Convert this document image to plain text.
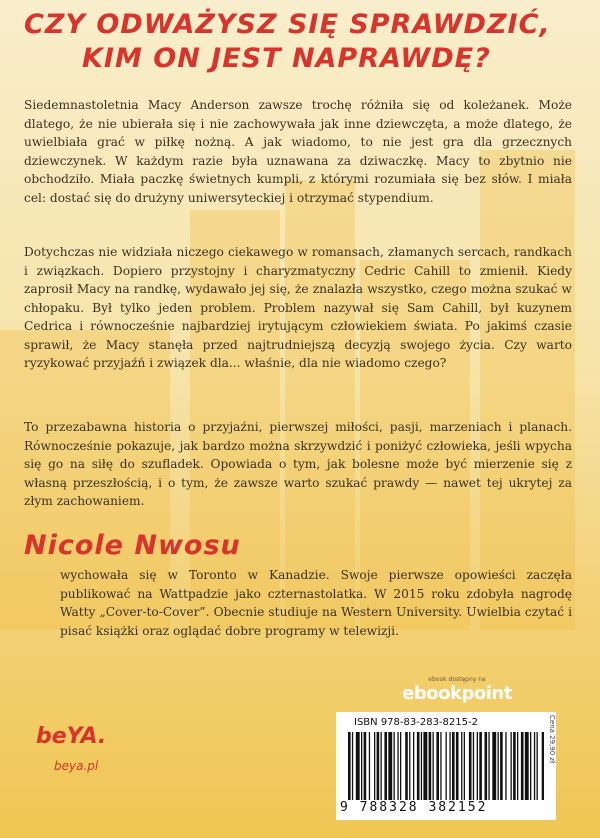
CZY ODWAŻYSZ SIĘ SPRAWDZIĆ,
KIM ON JEST NAPRAWDĘ?

Siedemnastoletnia Macy Anderson zawsze trochę różniła się od koleżanek. Może dlatego, że nie ubierała się i nie zachowywała jak inne dziewczęta, a może dlatego, że uwielbiała grać w piłkę nożną. A jak wiadomo, to nie jest gra dla grzecznych dziewczynek. W każdym razie była uznawana za dziwaczkę. Macy to zbytnio nie obchodziło. Miała paczkę świetnych kumpli, z którymi rozumiała się bez słów. I miała cel: dostać się do drużyny uniwersyteckiej i otrzymać stypendium.

Dotychczas nie widziała niczego ciekawego w romansach, złamanych sercach, randkach i związkach. Dopiero przystojny i charyzmatyczny Cedric Cahill to zmienił. Kiedy zaprosił Macy na randkę, wydawało jej się, że znalazła wszystko, czego można szukać w chłopaku. Był tylko jeden problem. Problem nazywał się Sam Cahill, był kuzynem Cedrica i równocześnie najbardziej irytującym człowiekiem świata. Po jakimś czasie sprawił, że Macy stanęła przed najtrudniejszą decyzją swojego życia. Czy warto ryzykować przyjaźń i związek dla... właśnie, dla nie wiadomo czego?

To przezabawna historia o przyjaźni, pierwszej miłości, pasji, marzeniach i planach. Równocześnie pokazuje, jak bardzo można skrzywdzić i poniżyć człowieka, jeśli wpycha się go na siłę do szufladek. Opowiada o tym, jak bolesne może być mierzenie się z własną przeszłością, i o tym, że zawsze warto szukać prawdy — nawet tej ukrytej za złym zachowaniem.

Nicole Nwosu

wychowała się w Toronto w Kanadzie. Swoje pierwsze opowieści zaczęła publikować na Wattpadzie jako czternastolatka. W 2015 roku zdobyła nagrodę Watty „Cover-to-Cover”. Obecnie studiuje na Western University. Uwielbia czytać i pisać książki oraz oglądać dobre programy w telewizji.

ebook dostępny na
ebookpoint
ISBN 978-83-283-8215-2
9 788328 382152
Cena 29,90 zł
beYA.
beya.pl
